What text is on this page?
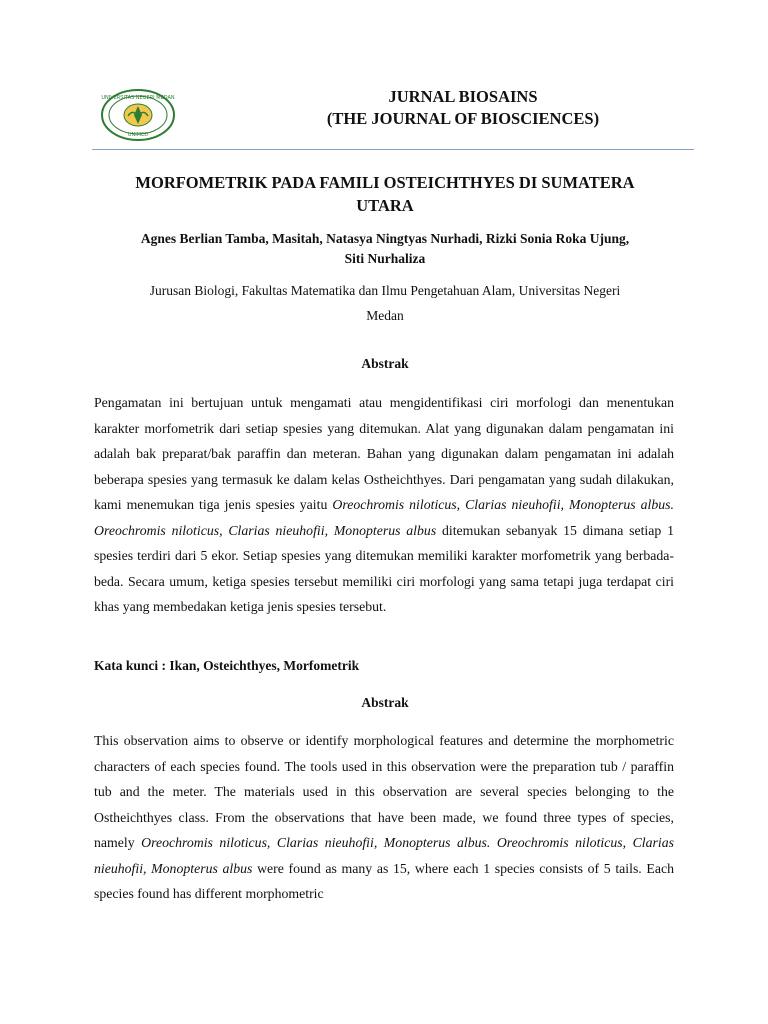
UNIVERSITAS NEGERI MEDAN
UNIMED
JURNAL BIOSAINS
(THE JOURNAL OF BIOSCIENCES)
MORFOMETRIK PADA FAMILI OSTEICHTHYES DI SUMATERA
UTARA
Agnes Berlian Tamba, Masitah, Natasya Ningtyas Nurhadi, Rizki Sonia Roka Ujung,
Siti Nurhaliza
Jurusan Biologi, Fakultas Matematika dan Ilmu Pengetahuan Alam, Universitas Negeri
Medan
Abstrak
Pengamatan ini bertujuan untuk mengamati atau mengidentifikasi ciri morfologi dan menentukan karakter morfometrik dari setiap spesies yang ditemukan. Alat yang digunakan dalam pengamatan ini adalah bak preparat/bak paraffin dan meteran. Bahan yang digunakan dalam pengamatan ini adalah beberapa spesies yang termasuk ke dalam kelas Ostheichthyes. Dari pengamatan yang sudah dilakukan, kami menemukan tiga jenis spesies yaitu Oreochromis niloticus, Clarias nieuhofii, Monopterus albus. Oreochromis niloticus, Clarias nieuhofii, Monopterus albus ditemukan sebanyak 15 dimana setiap 1 spesies terdiri dari 5 ekor. Setiap spesies yang ditemukan memiliki karakter morfometrik yang berbada-beda. Secara umum, ketiga spesies tersebut memiliki ciri morfologi yang sama tetapi juga terdapat ciri khas yang membedakan ketiga jenis spesies tersebut.
Kata kunci : Ikan, Osteichthyes, Morfometrik
Abstrak
This observation aims to observe or identify morphological features and determine the morphometric characters of each species found. The tools used in this observation were the preparation tub / paraffin tub and the meter. The materials used in this observation are several species belonging to the Ostheichthyes class. From the observations that have been made, we found three types of species, namely Oreochromis niloticus, Clarias nieuhofii, Monopterus albus. Oreochromis niloticus, Clarias nieuhofii, Monopterus albus were found as many as 15, where each 1 species consists of 5 tails. Each species found has different morphometric
